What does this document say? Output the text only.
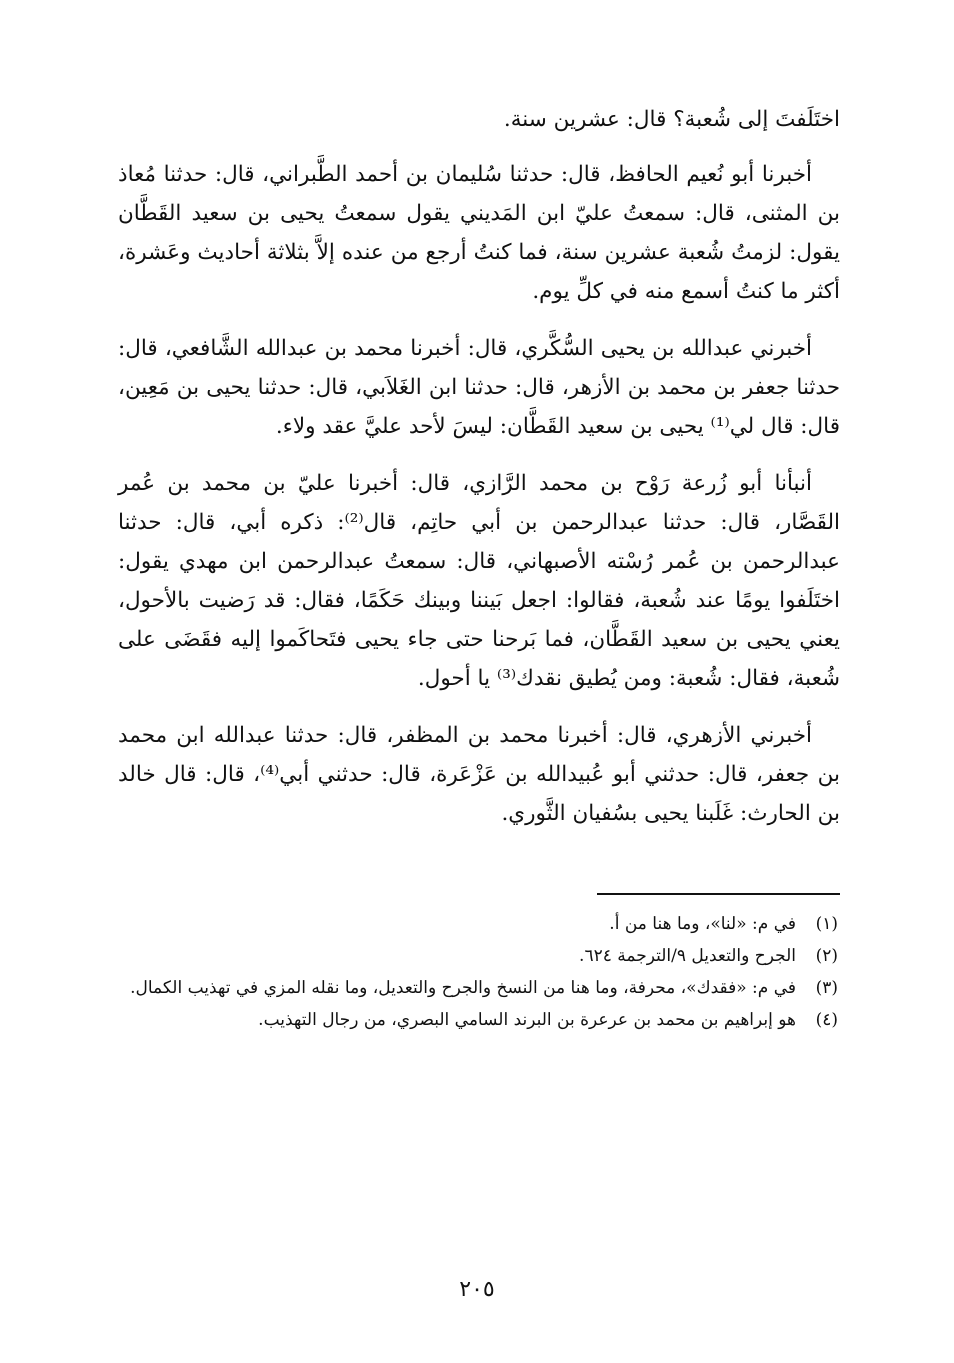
اختَلَفتَ إلى شُعبة؟ قال: عشرين سنة.

أخبرنا أبو نُعيم الحافظ، قال: حدثنا سُليمان بن أحمد الطَّبراني، قال: حدثنا مُعاذ بن المثنى، قال: سمعتُ عليّ ابن المَديني يقول سمعتُ يحيى بن سعيد القَطَّان يقول: لزمتُ شُعبة عشرين سنة، فما كنتُ أرجع من عنده إلاَّ بثلاثة أحاديث وعَشرة، أكثر ما كنتُ أسمع منه في كلِّ يوم.

أخبرني عبدالله بن يحيى السُّكَّري، قال: أخبرنا محمد بن عبدالله الشَّافعي، قال: حدثنا جعفر بن محمد بن الأزهر، قال: حدثنا ابن الغَلاَبي، قال: حدثنا يحيى بن مَعِين، قال: قال لي⁽¹⁾ يحيى بن سعيد القَطَّان: ليسَ لأحد عليَّ عقد ولاء.

أنبأنا أبو زُرعة رَوْح بن محمد الرَّازي، قال: أخبرنا عليّ بن محمد بن عُمر القَصَّار، قال: حدثنا عبدالرحمن بن أبي حاتِم، قال⁽²⁾: ذكره أبي، قال: حدثنا عبدالرحمن بن عُمر رُسْته الأصبهاني، قال: سمعتُ عبدالرحمن ابن مهدي يقول: اختَلَفوا يومًا عند شُعبة، فقالوا: اجعل بَيننا وبينك حَكَمًا، فقال: قد رَضيت بالأحول، يعني يحيى بن سعيد القَطَّان، فما بَرحنا حتى جاء يحيى فتَحاكَموا إليه فقَضَى على شُعبة، فقال: شُعبة: ومن يُطيق نقدك⁽³⁾ يا أحول.

أخبرني الأزهري، قال: أخبرنا محمد بن المظفر، قال: حدثنا عبدالله ابن محمد بن جعفر، قال: حدثني أبو عُبيدالله بن عَزْعَرة، قال: حدثني أبي⁽⁴⁾، قال: قال خالد بن الحارث: غَلَبنا يحيى بسُفيان الثَّوري.

(١)
في م: «لنا»، وما هنا من أ.
(٢)
الجرح والتعديل ٩/الترجمة ٦٢٤.
(٣)
في م: «فقدك»، محرفة، وما هنا من النسخ والجرح والتعديل، وما نقله المزي في تهذيب الكمال.
(٤)
هو إبراهيم بن محمد بن عرعرة بن البرند السامي البصري، من رجال التهذيب.
٢٠٥
